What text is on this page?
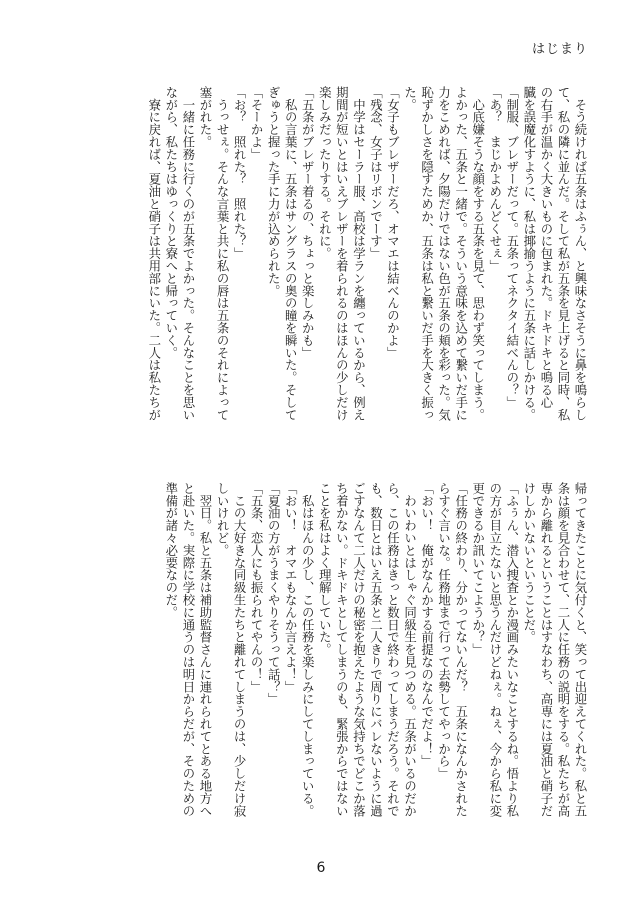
はじまり

　そう続ければ五条はふぅん、と興味なさそうに鼻を鳴らし

て、私の隣に並んだ。そして私が五条を見上げると同時、私

の右手が温かく大きいものに包まれた。ドキドキと鳴る心

臓を誤魔化すように、私は揶揄うように五条に話しかける。

「制服、ブレザーだって。五条ってネクタイ結べんの？」

「あ？　まじかよめんどくせぇ」

　心底嫌そうな顔をする五条を見て、思わず笑ってしまう。

よかった、五条と一緒で。そういう意味を込めて繋いだ手に

力をこめれば、夕陽だけではない色が五条の頬を彩った。気

恥ずかしさを隠すためか、五条は私と繋いだ手を大きく振っ

た。

「女子もブレザーだろ、オマエは結べんのかよ」

「残念、女子はリボンでーす」

　中学はセーラー服、高校は学ランを纏っているから、例え

期間が短いとはいえブレザーを着られるのはほんの少しだけ

楽しみだったりする。それに。

「五条がブレザー着るの、ちょっと楽しみかも」

　私の言葉に、五条はサングラスの奥の瞳を瞬いた。そして

ぎゅうと握った手に力が込められた。

「そーかよ」

「お？　照れた？　照れた？」

　うっせぇ。そんな言葉と共に私の唇は五条のそれによって

塞がれた。

　一緒に任務に行くのが五条でよかった。そんなことを思い

ながら、私たちはゆっくりと寮へと帰っていく。

　寮に戻れば、夏油と硝子は共用部にいた。二人は私たちが

帰ってきたことに気付くと、笑って出迎えてくれた。私と五

条は顔を見合わせて、二人に任務の説明をする。私たちが高

専から離れるということはすなわち、高専には夏油と硝子だ

けしかいないということだ。

「ふぅん、潜入捜査とか漫画みたいなことするね。悟より私

の方が目立たないと思うんだけどねぇ。ねぇ、今から私に変

更できるか訊いてこようか？」

「任務の終わり、分かってないんだ？　五条になんかされた

らすぐ言いな。任務地まで行って去勢してやっから」

「おい！　俺がなんかする前提なのなんでだよ！」

　わいわいとはしゃぐ同級生を見つめる。五条がいるのだか

ら、この任務はきっと数日で終わってしまうだろう。それで

も、数日とはいえ五条と二人きりで周りにバレないように過

ごすなんて二人だけの秘密を抱えたような気持ちでどこか落

ち着かない。ドキドキとしてしまうのも、緊張からではない

ことを私はよく理解していた。

　私はほんの少し、この任務を楽しみにしてしまっている。

「おい！　オマエもなんか言えよ！」

「夏油の方がうまくやりそうって話？」

「五条、恋人にも振られてやんの！」

　この大好きな同級生たちと離れてしまうのは、少しだけ寂

しいけれど。

　翌日。私と五条は補助監督さんに連れられてとある地方へ

と赴いた。実際に学校に通うのは明日からだが、そのための

準備が諸々必要なのだ。

6
